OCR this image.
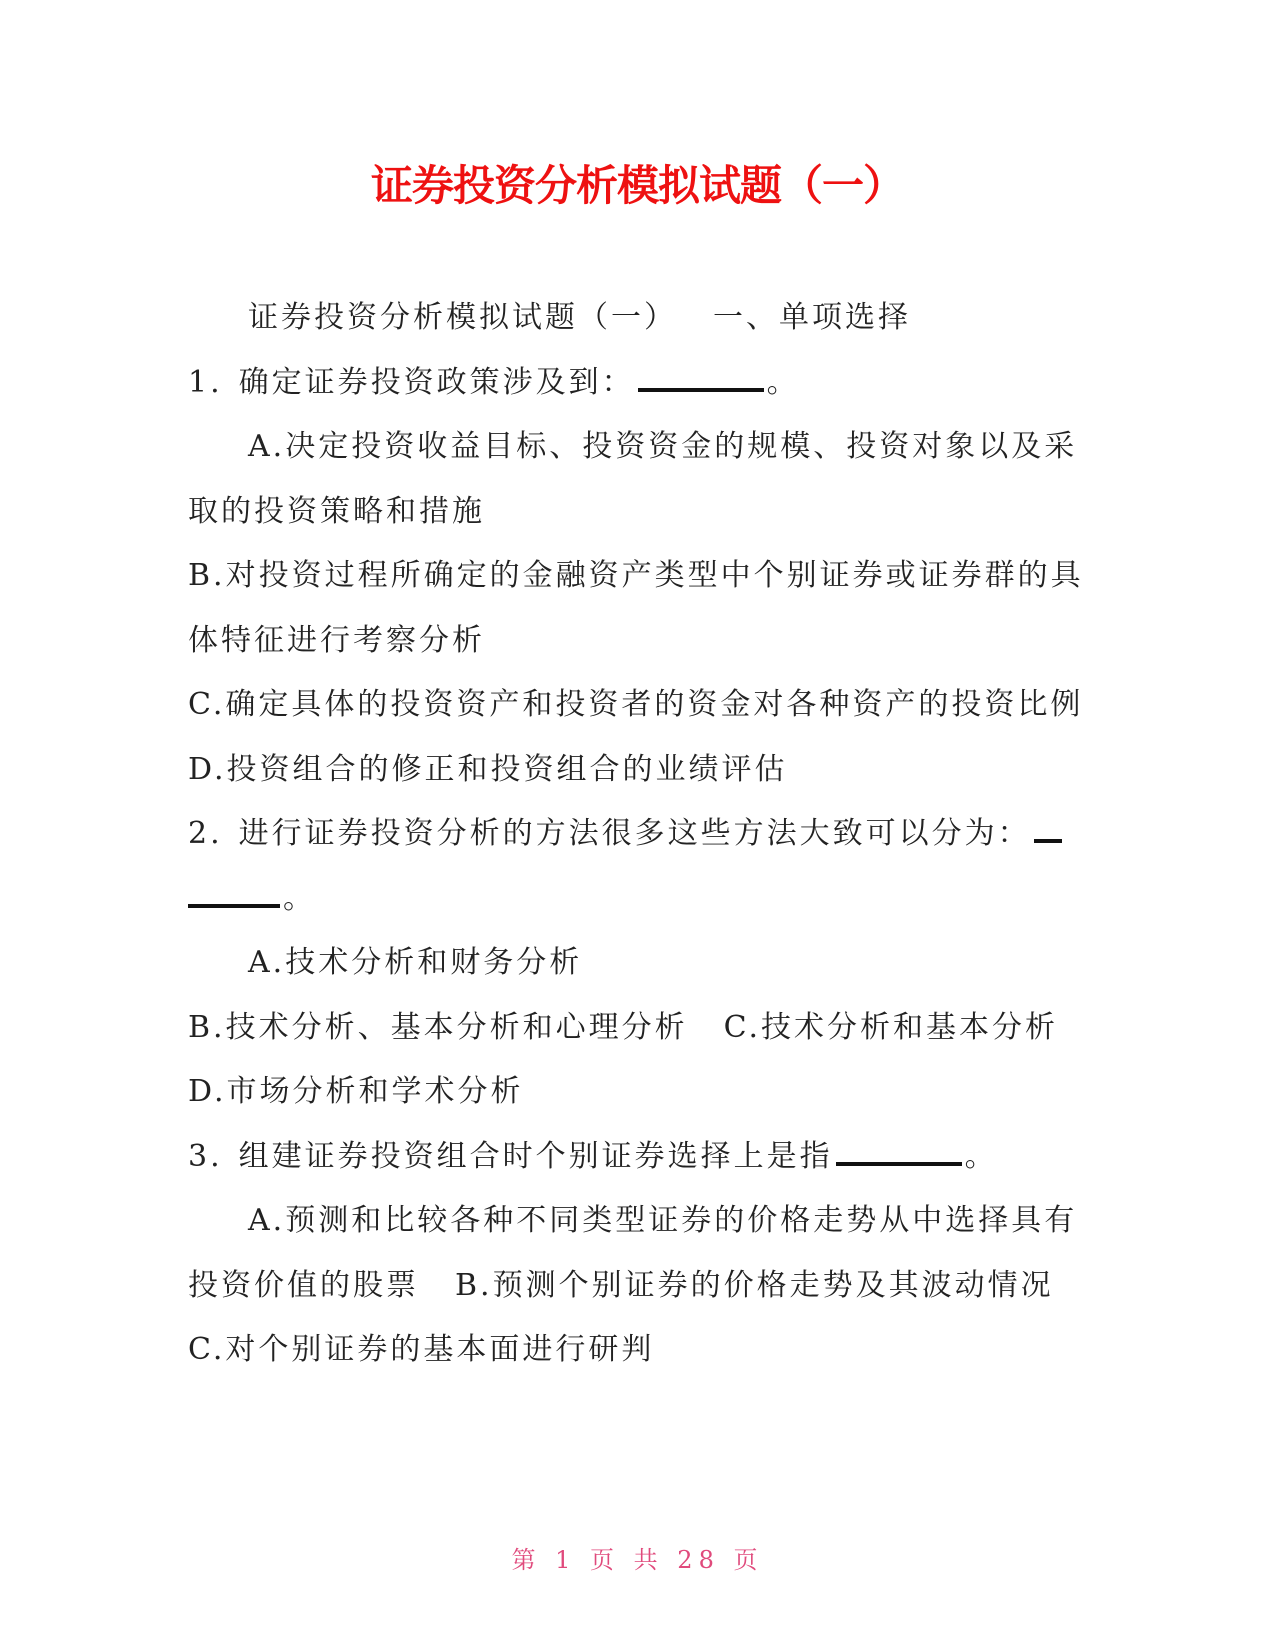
证券投资分析模拟试题（一）
证券投资分析模拟试题（一） 一、单项选择
1. 确定证券投资政策涉及到：	。
A.决定投资收益目标、投资资金的规模、投资对象以及采
取的投资策略和措施
B.对投资过程所确定的金融资产类型中个别证券或证券群的具
体特征进行考察分析
C.确定具体的投资资产和投资者的资金对各种资产的投资比例
D.投资组合的修正和投资组合的业绩评估
2. 进行证券投资分析的方法很多这些方法大致可以分为：
。
A.技术分析和财务分析
B.技术分析、基本分析和心理分析 C.技术分析和基本分析
D.市场分析和学术分析
3. 组建证券投资组合时个别证券选择上是指	。
A.预测和比较各种不同类型证券的价格走势从中选择具有
投资价值的股票 B.预测个别证券的价格走势及其波动情况
C.对个别证券的基本面进行研判

第 1 页 共 28 页
